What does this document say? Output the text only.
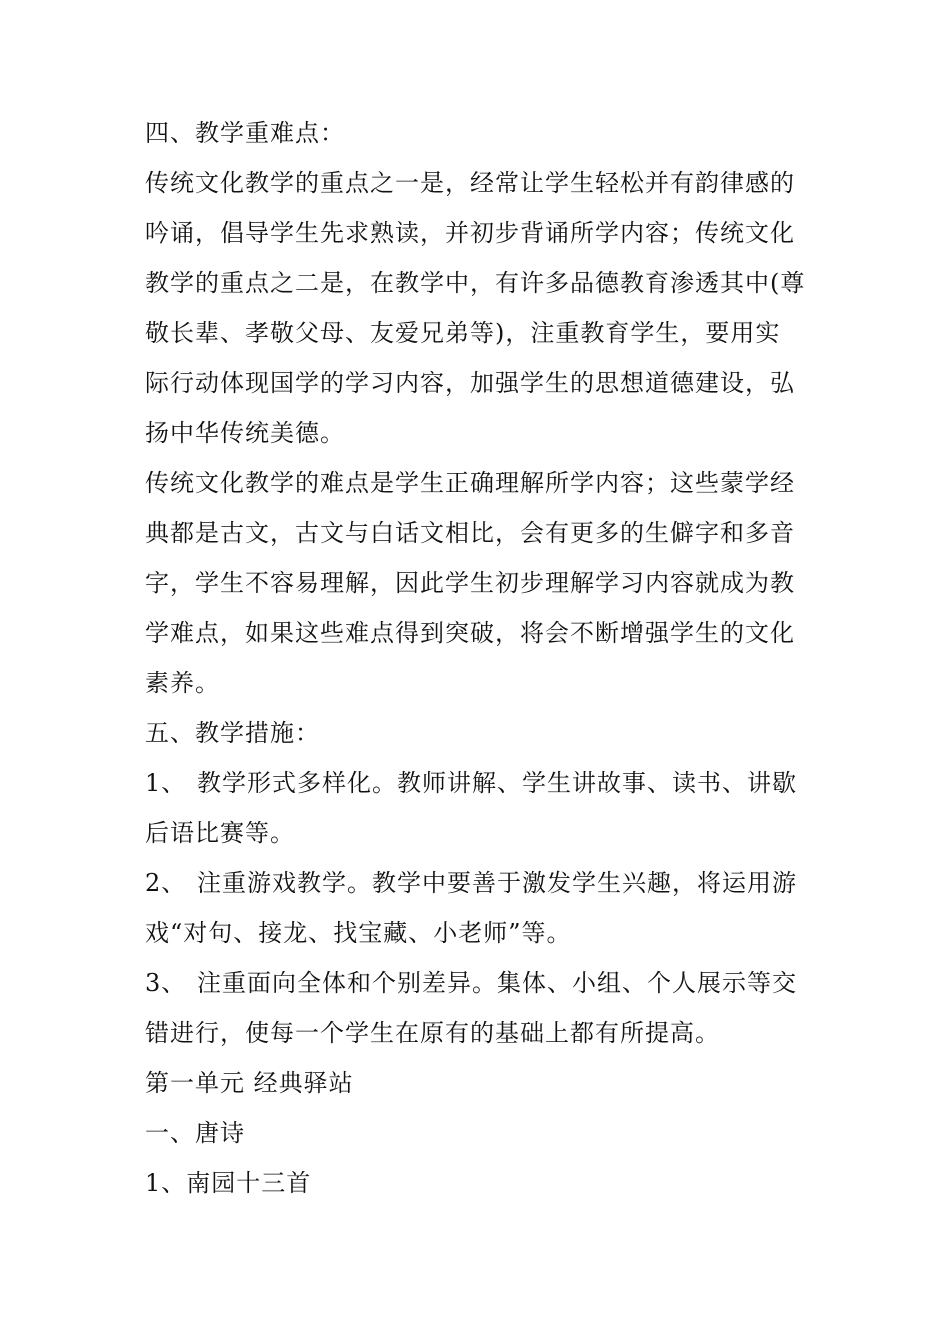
四、教学重难点：
传统文化教学的重点之一是，经常让学生轻松并有韵律感的
吟诵，倡导学生先求熟读，并初步背诵所学内容；传统文化
教学的重点之二是，在教学中，有许多品德教育渗透其中(尊
敬长辈、孝敬父母、友爱兄弟等)，注重教育学生，要用实
际行动体现国学的学习内容，加强学生的思想道德建设，弘
扬中华传统美德。
传统文化教学的难点是学生正确理解所学内容；这些蒙学经
典都是古文，古文与白话文相比，会有更多的生僻字和多音
字，学生不容易理解，因此学生初步理解学习内容就成为教
学难点，如果这些难点得到突破，将会不断增强学生的文化
素养。
五、教学措施：
1、 教学形式多样化。教师讲解、学生讲故事、读书、讲歇
后语比赛等。
2、 注重游戏教学。教学中要善于激发学生兴趣，将运用游
戏“对句、接龙、找宝藏、小老师”等。
3、 注重面向全体和个别差异。集体、小组、个人展示等交
错进行，使每一个学生在原有的基础上都有所提高。
第一单元 经典驿站
一、唐诗
1、南园十三首
